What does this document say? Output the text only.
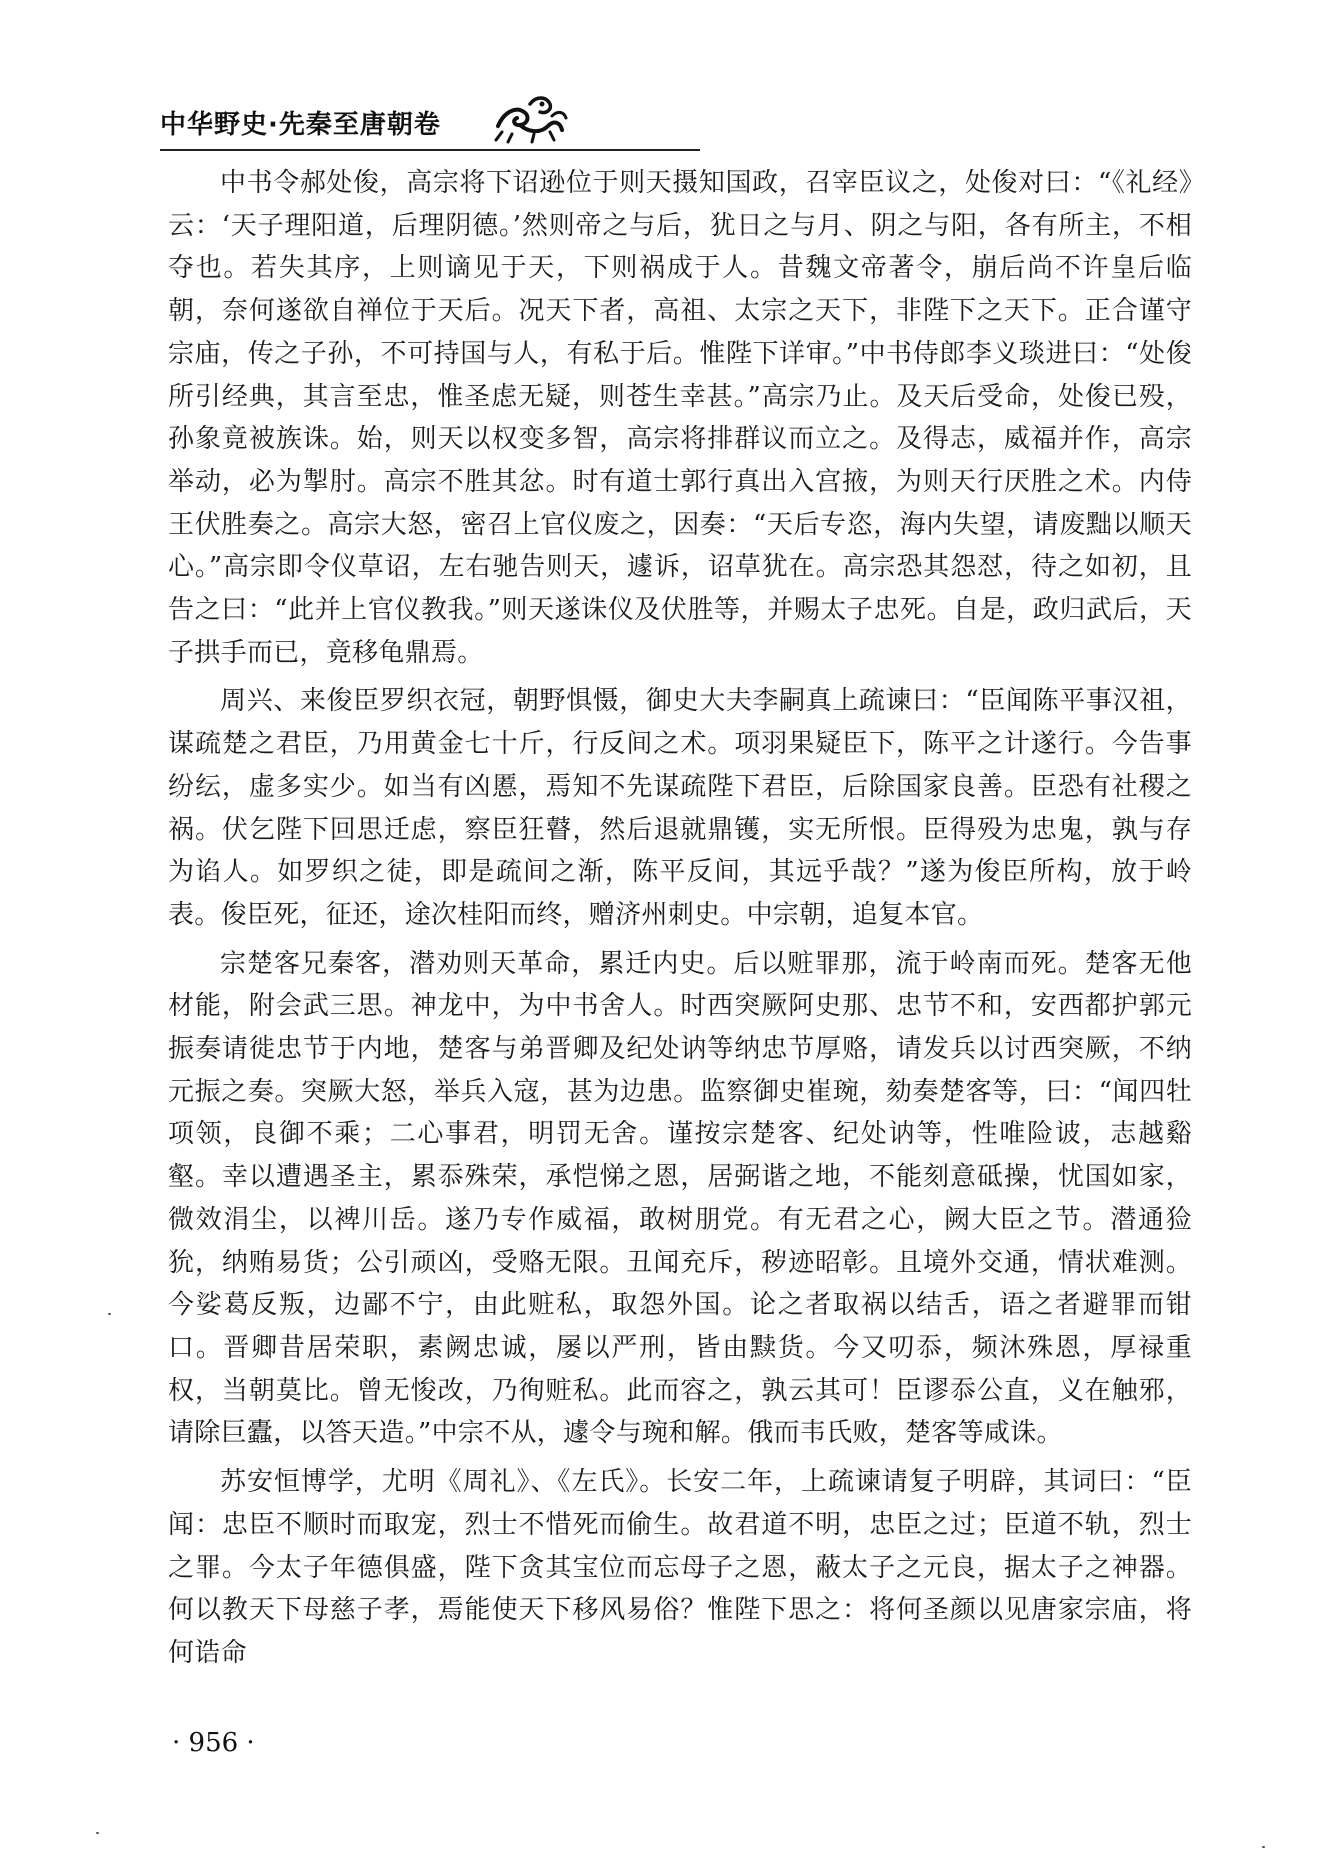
中华野史·先秦至唐朝卷

中书令郝处俊，高宗将下诏逊位于则天摄知国政，召宰臣议之，处俊对曰：“《礼经》云：‘天子理阳道，后理阴德。’然则帝之与后，犹日之与月、阴之与阳，各有所主，不相夺也。若失其序，上则谪见于天，下则祸成于人。昔魏文帝著令，崩后尚不许皇后临朝，奈何遂欲自禅位于天后。况天下者，高祖、太宗之天下，非陛下之天下。正合谨守宗庙，传之子孙，不可持国与人，有私于后。惟陛下详审。”中书侍郎李义琰进曰：“处俊所引经典，其言至忠，惟圣虑无疑，则苍生幸甚。”高宗乃止。及天后受命，处俊已殁，孙象竟被族诛。始，则天以权变多智，高宗将排群议而立之。及得志，威福并作，高宗举动，必为掣肘。高宗不胜其忿。时有道士郭行真出入宫掖，为则天行厌胜之术。内侍王伏胜奏之。高宗大怒，密召上官仪废之，因奏：“天后专恣，海内失望，请废黜以顺天心。”高宗即令仪草诏，左右驰告则天，遽诉，诏草犹在。高宗恐其怨怼，待之如初，且告之曰：“此并上官仪教我。”则天遂诛仪及伏胜等，并赐太子忠死。自是，政归武后，天子拱手而已，竟移龟鼎焉。

周兴、来俊臣罗织衣冠，朝野惧慑，御史大夫李嗣真上疏谏曰：“臣闻陈平事汉祖，谋疏楚之君臣，乃用黄金七十斤，行反间之术。项羽果疑臣下，陈平之计遂行。今告事纷纭，虚多实少。如当有凶慝，焉知不先谋疏陛下君臣，后除国家良善。臣恐有社稷之祸。伏乞陛下回思迁虑，察臣狂瞽，然后退就鼎镬，实无所恨。臣得殁为忠鬼，孰与存为谄人。如罗织之徒，即是疏间之渐，陈平反间，其远乎哉？”遂为俊臣所构，放于岭表。俊臣死，征还，途次桂阳而终，赠济州刺史。中宗朝，追复本官。

宗楚客兄秦客，潜劝则天革命，累迁内史。后以赃罪那，流于岭南而死。楚客无他材能，附会武三思。神龙中，为中书舍人。时西突厥阿史那、忠节不和，安西都护郭元振奏请徙忠节于内地，楚客与弟晋卿及纪处讷等纳忠节厚赂，请发兵以讨西突厥，不纳元振之奏。突厥大怒，举兵入寇，甚为边患。监察御史崔琬，劾奏楚客等，曰：“闻四牡项领，良御不乘；二心事君，明罚无舍。谨按宗楚客、纪处讷等，性唯险诐，志越谿壑。幸以遭遇圣主，累忝殊荣，承恺悌之恩，居弼谐之地，不能刻意砥操，忧国如家，微效涓尘，以裨川岳。遂乃专作威福，敢树朋党。有无君之心，阙大臣之节。潜通猃狁，纳贿易货；公引顽凶，受赂无限。丑闻充斥，秽迹昭彰。且境外交通，情状难测。今娑葛反叛，边鄙不宁，由此赃私，取怨外国。论之者取祸以结舌，语之者避罪而钳口。晋卿昔居荣职，素阙忠诚，屡以严刑，皆由黩货。今又叨忝，频沐殊恩，厚禄重权，当朝莫比。曾无悛改，乃徇赃私。此而容之，孰云其可！臣谬忝公直，义在触邪，请除巨蠹，以答天造。”中宗不从，遽令与琬和解。俄而韦氏败，楚客等咸诛。

苏安恒博学，尤明《周礼》、《左氏》。长安二年，上疏谏请复子明辟，其词曰：“臣闻：忠臣不顺时而取宠，烈士不惜死而偷生。故君道不明，忠臣之过；臣道不轨，烈士之罪。今太子年德俱盛，陛下贪其宝位而忘母子之恩，蔽太子之元良，据太子之神器。何以教天下母慈子孝，焉能使天下移风易俗？惟陛下思之：将何圣颜以见唐家宗庙，将何诰命

· 956 ·
